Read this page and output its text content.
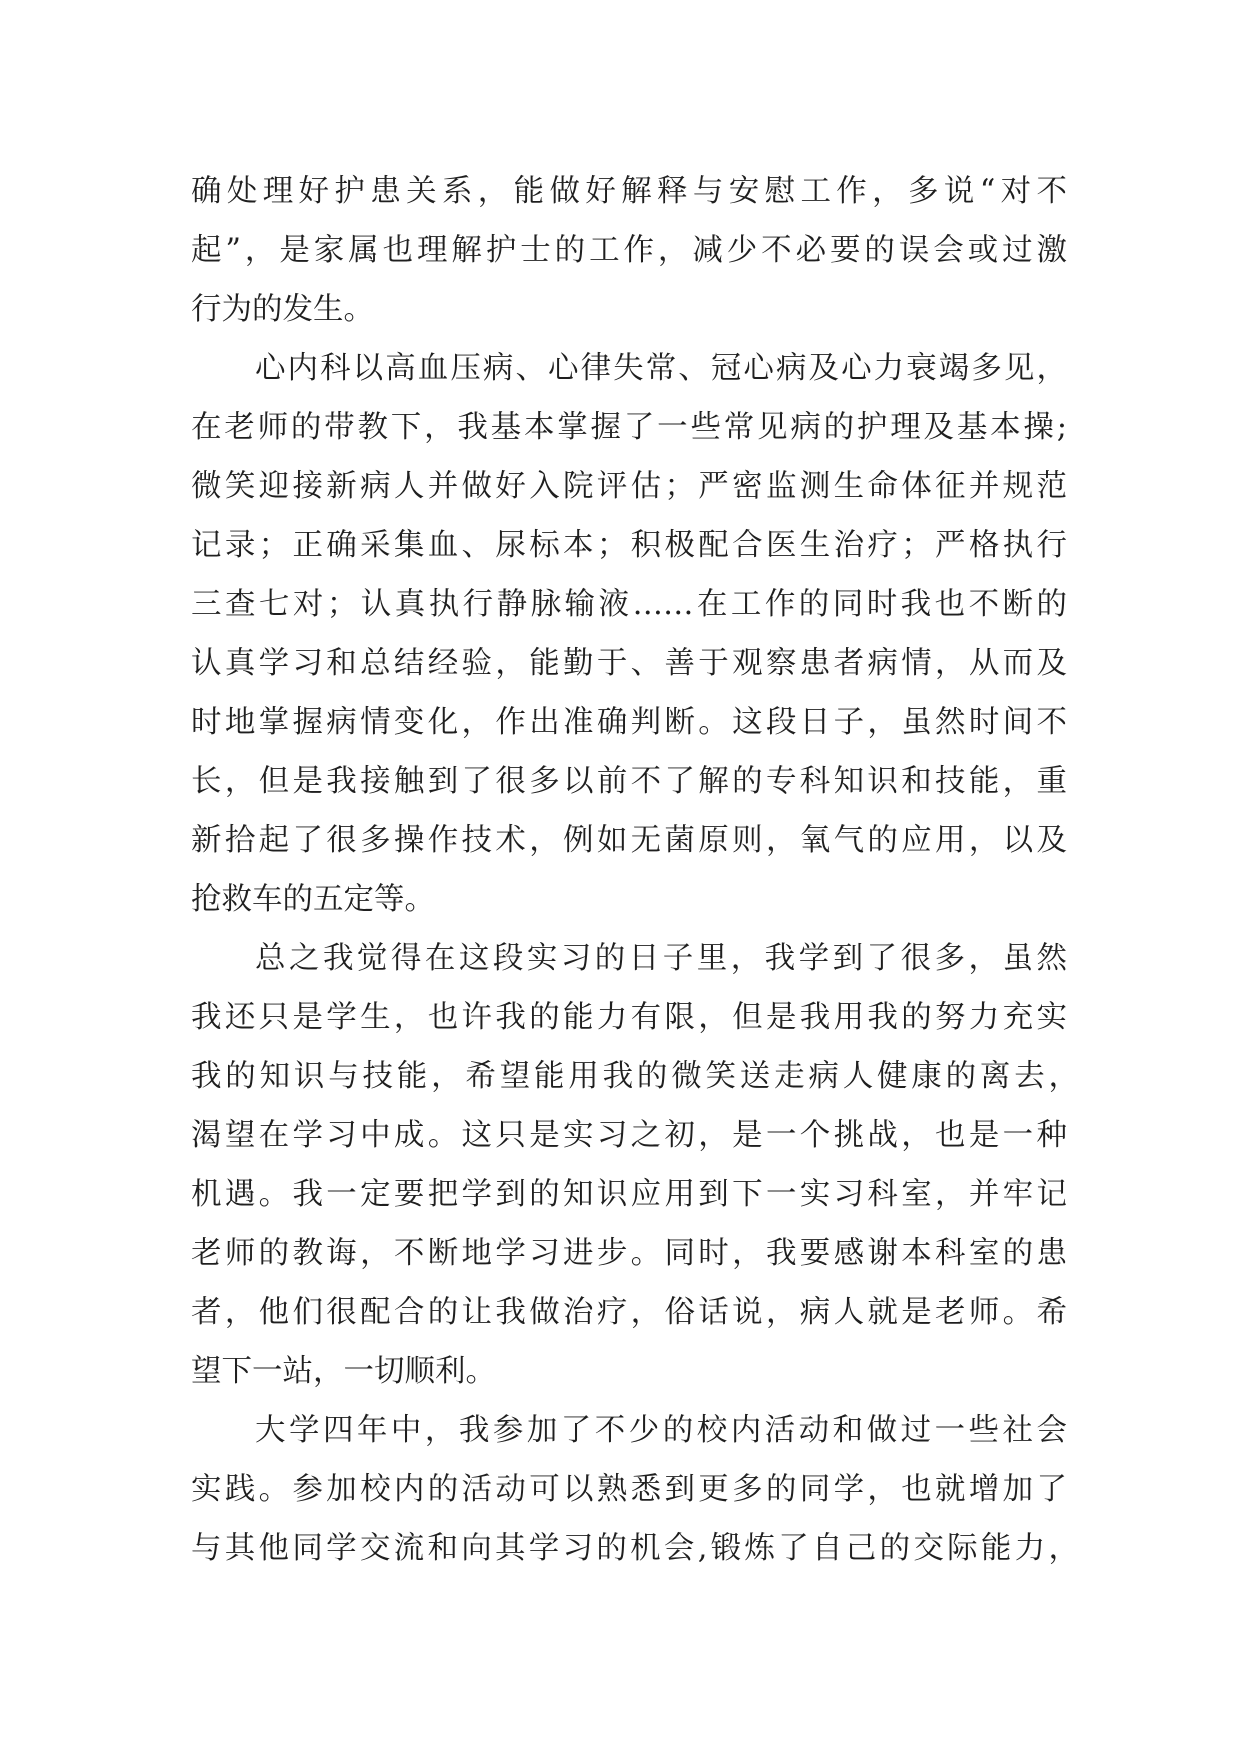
确处理好护患关系，能做好解释与安慰工作，多说“对不
起”，是家属也理解护士的工作，减少不必要的误会或过激
行为的发生。
心内科以高血压病、心律失常、冠心病及心力衰竭多见，
在老师的带教下，我基本掌握了一些常见病的护理及基本操;
微笑迎接新病人并做好入院评估；严密监测生命体征并规范
记录；正确采集血、尿标本；积极配合医生治疗；严格执行
三查七对；认真执行静脉输液……在工作的同时我也不断的
认真学习和总结经验，能勤于、善于观察患者病情，从而及
时地掌握病情变化，作出准确判断。这段日子，虽然时间不
长，但是我接触到了很多以前不了解的专科知识和技能，重
新拾起了很多操作技术，例如无菌原则，氧气的应用，以及
抢救车的五定等。
总之我觉得在这段实习的日子里，我学到了很多，虽然
我还只是学生，也许我的能力有限，但是我用我的努力充实
我的知识与技能，希望能用我的微笑送走病人健康的离去，
渴望在学习中成。这只是实习之初，是一个挑战，也是一种
机遇。我一定要把学到的知识应用到下一实习科室，并牢记
老师的教诲，不断地学习进步。同时，我要感谢本科室的患
者，他们很配合的让我做治疗，俗话说，病人就是老师。希
望下一站，一切顺利。
大学四年中，我参加了不少的校内活动和做过一些社会
实践。参加校内的活动可以熟悉到更多的同学，也就增加了
与其他同学交流和向其学习的机会,锻炼了自己的交际能力，
